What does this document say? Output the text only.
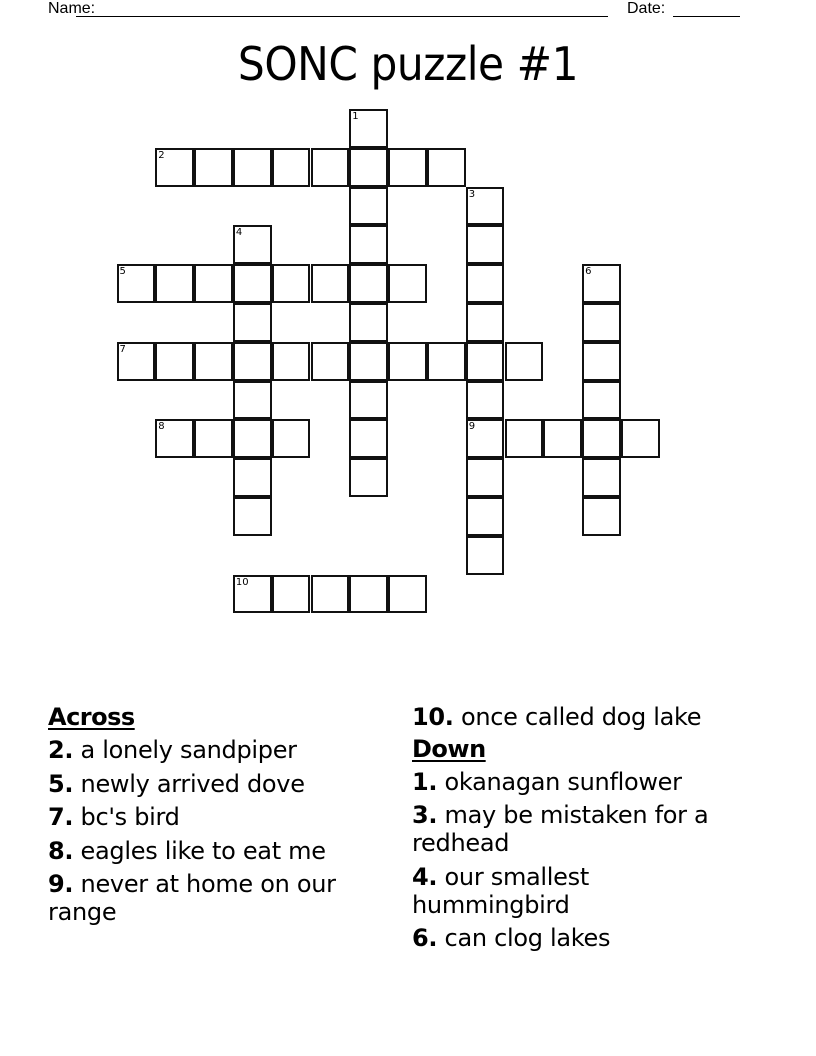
Name:	Date:
SONC puzzle #1
2
5
7
8	9
10
1
3
4
6
Across
2. a lonely sandpiper
5. newly arrived dove
7. bc's bird
8. eagles like to eat me
9. never at home on our range
10. once called dog lake
Down
1. okanagan sunflower
3. may be mistaken for a redhead
4. our smallest hummingbird
6. can clog lakes
